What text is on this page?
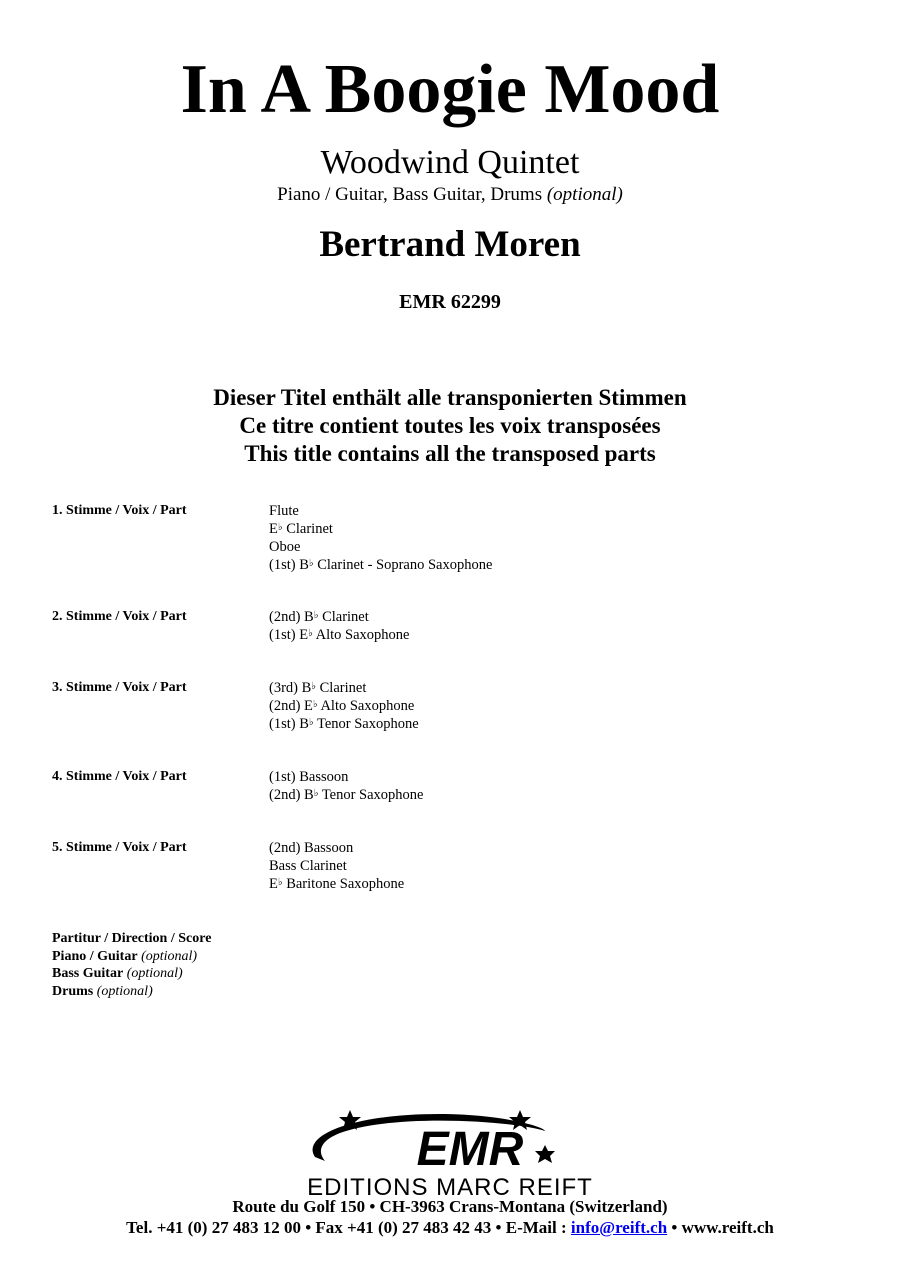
In A Boogie Mood
Woodwind Quintet
Piano / Guitar, Bass Guitar, Drums (optional)
Bertrand Moren
EMR 62299
Dieser Titel enthält alle transponierten Stimmen
Ce titre contient toutes les voix transposées
This title contains all the transposed parts
1. Stimme / Voix / Part	Flute
E♭ Clarinet
Oboe
(1st) B♭ Clarinet - Soprano Saxophone
2. Stimme / Voix / Part	(2nd) B♭ Clarinet
(1st) E♭ Alto Saxophone
3. Stimme / Voix / Part	(3rd) B♭ Clarinet
(2nd) E♭ Alto Saxophone
(1st) B♭ Tenor Saxophone
4. Stimme / Voix / Part	(1st) Bassoon
(2nd) B♭ Tenor Saxophone
5. Stimme / Voix / Part	(2nd) Bassoon
Bass Clarinet
E♭ Baritone Saxophone
Partitur / Direction / Score
Piano / Guitar (optional)
Bass Guitar (optional)
Drums (optional)
EMR
EDITIONS MARC REIFT
Route du Golf 150 • CH-3963 Crans-Montana (Switzerland)
Tel. +41 (0) 27 483 12 00 • Fax +41 (0) 27 483 42 43 • E-Mail : info@reift.ch • www.reift.ch
